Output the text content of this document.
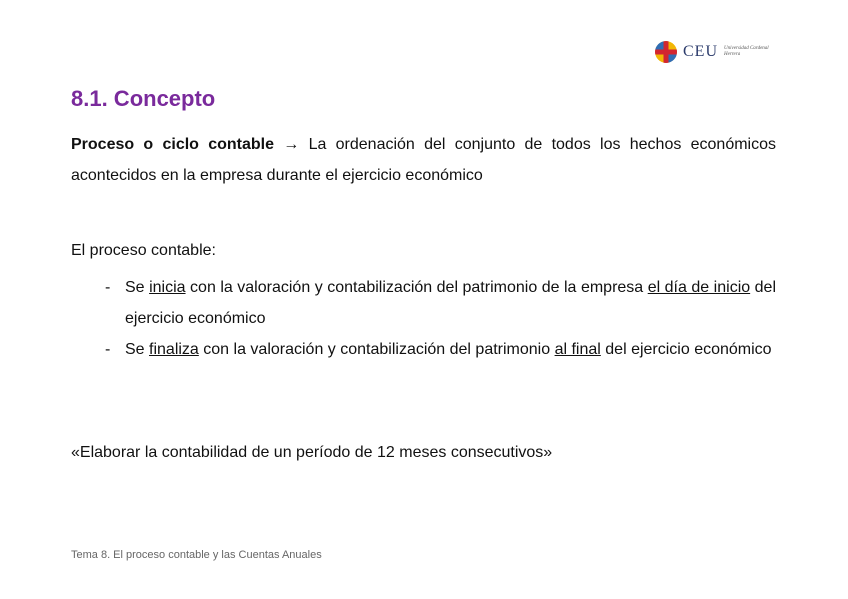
CEU Universidad Cardenal Herrera
8.1. Concepto
Proceso o ciclo contable → La ordenación del conjunto de todos los hechos económicos acontecidos en la empresa durante el ejercicio económico
El proceso contable:
- Se inicia con la valoración y contabilización del patrimonio de la empresa el día de inicio del ejercicio económico
- Se finaliza con la valoración y contabilización del patrimonio al final del ejercicio económico
«Elaborar la contabilidad de un período de 12 meses consecutivos»
Tema 8. El proceso contable y las Cuentas Anuales
